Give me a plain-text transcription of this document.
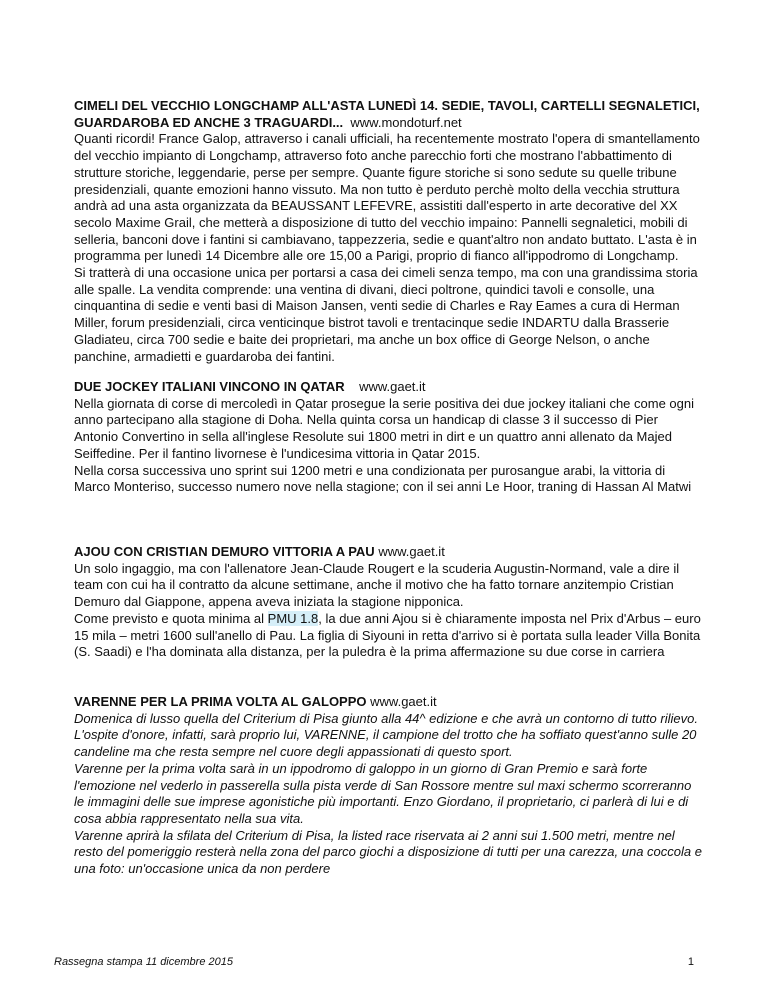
CIMELI DEL VECCHIO LONGCHAMP ALL'ASTA LUNEDÌ 14. SEDIE, TAVOLI, CARTELLI SEGNALETICI, GUARDAROBA ED ANCHE 3 TRAGUARDI... www.mondoturf.net

Quanti ricordi! France Galop, attraverso i canali ufficiali, ha recentemente mostrato l'opera di smantellamento del vecchio impianto di Longchamp, attraverso foto anche parecchio forti che mostrano l'abbattimento di strutture storiche, leggendarie, perse per sempre. Quante figure storiche si sono sedute su quelle tribune presidenziali, quante emozioni hanno vissuto. Ma non tutto è perduto perchè molto della vecchia struttura andrà ad una asta organizzata da BEAUSSANT LEFEVRE, assistiti dall'esperto in arte decorative del XX secolo Maxime Grail, che metterà a disposizione di tutto del vecchio impaino: Pannelli segnaletici, mobili di selleria, banconi dove i fantini si cambiavano, tappezzeria, sedie e quant'altro non andato buttato. L'asta è in programma per lunedì 14 Dicembre alle ore 15,00 a Parigi, proprio di fianco all'ippodromo di Longchamp.

Si tratterà di una occasione unica per portarsi a casa dei cimeli senza tempo, ma con una grandissima storia alle spalle. La vendita comprende: una ventina di divani, dieci poltrone, quindici tavoli e consolle, una cinquantina di sedie e venti basi di Maison Jansen, venti sedie di Charles e Ray Eames a cura di Herman Miller, forum presidenziali, circa venticinque bistrot tavoli e trentacinque sedie INDARTU dalla Brasserie Gladiateu, circa 700 sedie e baite dei proprietari, ma anche un box office di George Nelson, o anche panchine, armadietti e guardaroba dei fantini.

DUE JOCKEY ITALIANI VINCONO IN QATAR www.gaet.it

Nella giornata di corse di mercoledì in Qatar prosegue la serie positiva dei due jockey italiani che come ogni anno partecipano alla stagione di Doha. Nella quinta corsa un handicap di classe 3 il successo di Pier Antonio Convertino in sella all'inglese Resolute sui 1800 metri in dirt e un quattro anni allenato da Majed Seiffedine. Per il fantino livornese è l'undicesima vittoria in Qatar 2015.

Nella corsa successiva uno sprint sui 1200 metri e una condizionata per purosangue arabi, la vittoria di Marco Monteriso, successo numero nove nella stagione; con il sei anni Le Hoor, traning di Hassan Al Matwi

AJOU CON CRISTIAN DEMURO VITTORIA A PAU www.gaet.it

Un solo ingaggio, ma con l'allenatore Jean-Claude Rougert e la scuderia Augustin-Normand, vale a dire il team con cui ha il contratto da alcune settimane, anche il motivo che ha fatto tornare anzitempio Cristian Demuro dal Giappone, appena aveva iniziata la stagione nipponica.

Come previsto e quota minima al PMU 1.8, la due anni Ajou si è chiaramente imposta nel Prix d'Arbus – euro 15 mila – metri 1600 sull'anello di Pau. La figlia di Siyouni in retta d'arrivo si è portata sulla leader Villa Bonita (S. Saadi) e l'ha dominata alla distanza, per la puledra è la prima affermazione su due corse in carriera

VARENNE PER LA PRIMA VOLTA AL GALOPPO www.gaet.it

Domenica di lusso quella del Criterium di Pisa giunto alla 44^ edizione e che avrà un contorno di tutto rilievo. L'ospite d'onore, infatti, sarà proprio lui, VARENNE, il campione del trotto che ha soffiato quest'anno sulle 20 candeline ma che resta sempre nel cuore degli appassionati di questo sport.

Varenne per la prima volta sarà in un ippodromo di galoppo in un giorno di Gran Premio e sarà forte l'emozione nel vederlo in passerella sulla pista verde di San Rossore mentre sul maxi schermo scorreranno le immagini delle sue imprese agonistiche più importanti. Enzo Giordano, il proprietario, ci parlerà di lui e di cosa abbia rappresentato nella sua vita.

Varenne aprirà la sfilata del Criterium di Pisa, la listed race riservata ai 2 anni sui 1.500 metri, mentre nel resto del pomeriggio resterà nella zona del parco giochi a disposizione di tutti per una carezza, una coccola e una foto: un'occasione unica da non perdere

Rassegna stampa 11 dicembre 2015	1
